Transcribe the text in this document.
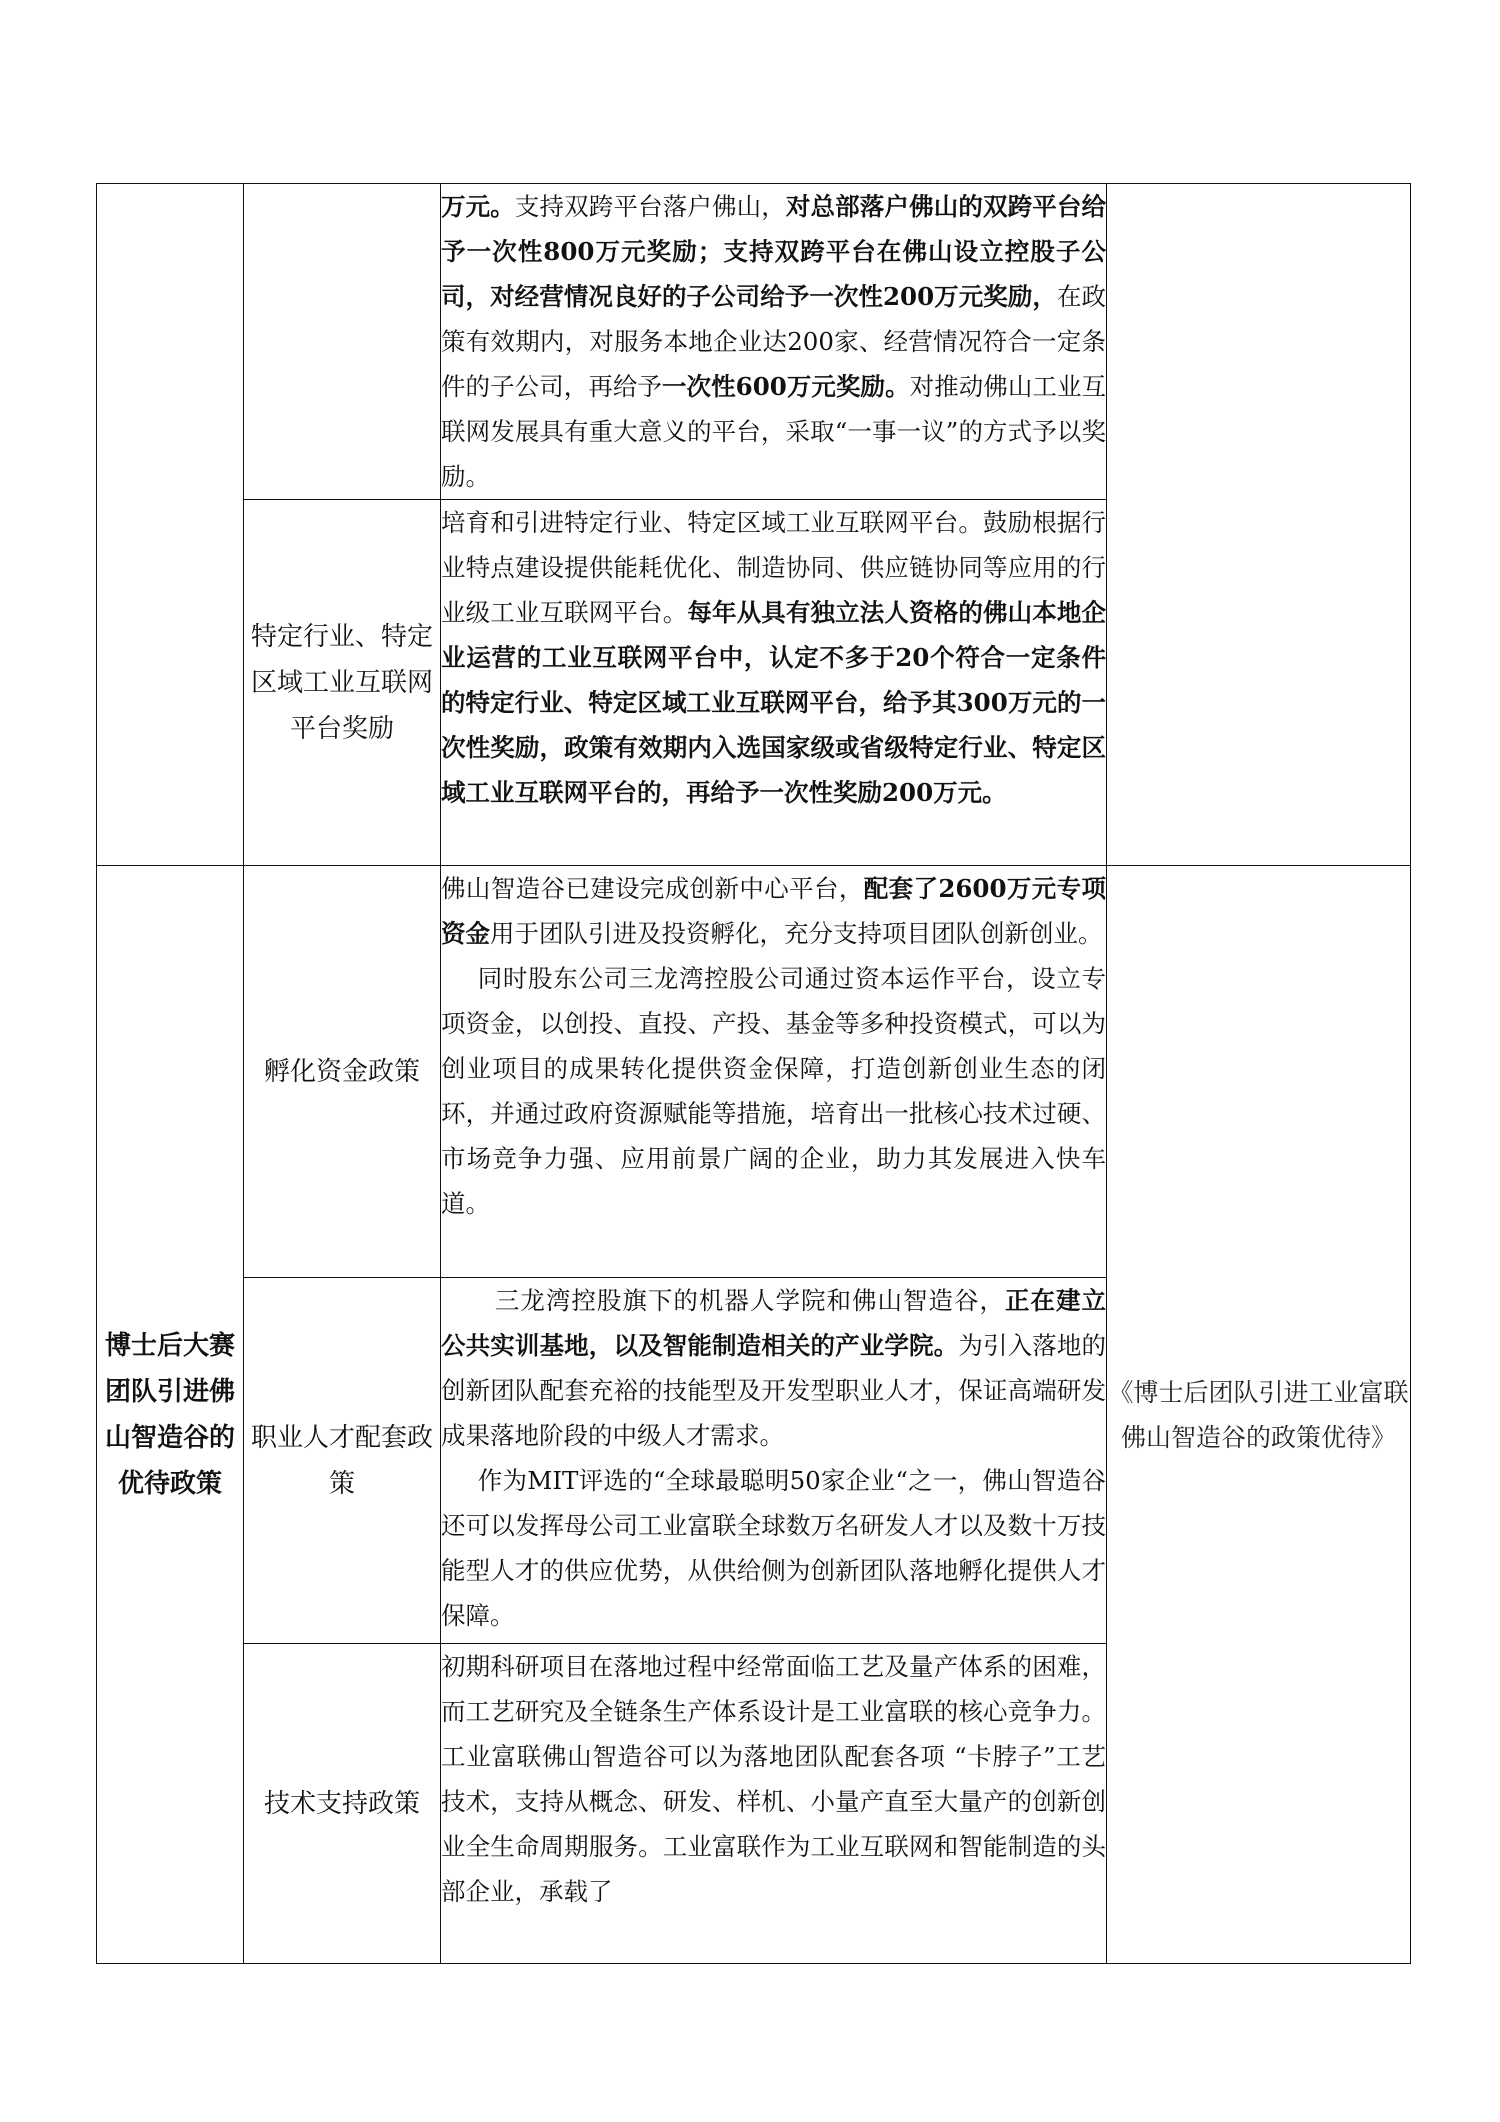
		万元。支持双跨平台落户佛山，对总部落户佛山的双跨平台给予一次性800万元奖励；支持双跨平台在佛山设立控股子公司，对经营情况良好的子公司给予一次性200万元奖励，在政策有效期内，对服务本地企业达200家、经营情况符合一定条件的子公司，再给予一次性600万元奖励。对推动佛山工业互联网发展具有重大意义的平台，采取“一事一议”的方式予以奖励。	

	特定行业、特定区域工业互联网平台奖励	培育和引进特定行业、特定区域工业互联网平台。鼓励根据行业特点建设提供能耗优化、制造协同、供应链协同等应用的行业级工业互联网平台。每年从具有独立法人资格的佛山本地企业运营的工业互联网平台中，认定不多于20个符合一定条件的特定行业、特定区域工业互联网平台，给予其300万元的一次性奖励，政策有效期内入选国家级或省级特定行业、特定区域工业互联网平台的，再给予一次性奖励200万元。	

博士后大赛团队引进佛山智造谷的优待政策	孵化资金政策	佛山智造谷已建设完成创新中心平台，配套了2600万元专项资金用于团队引进及投资孵化，充分支持项目团队创新创业。

同时股东公司三龙湾控股公司通过资本运作平台，设立专项资金，以创投、直投、产投、基金等多种投资模式，可以为创业项目的成果转化提供资金保障，打造创新创业生态的闭环，并通过政府资源赋能等措施，培育出一批核心技术过硬、市场竞争力强、应用前景广阔的企业，助力其发展进入快车道。	《博士后团队引进工业富联佛山智造谷的政策优待》
	职业人才配套政策	三龙湾控股旗下的机器人学院和佛山智造谷，正在建立公共实训基地，以及智能制造相关的产业学院。为引入落地的创新团队配套充裕的技能型及开发型职业人才，保证高端研发成果落地阶段的中级人才需求。

作为MIT评选的“全球最聪明50家企业“之一，佛山智造谷还可以发挥母公司工业富联全球数万名研发人才以及数十万技能型人才的供应优势，从供给侧为创新团队落地孵化提供人才保障。	

	技术支持政策	初期科研项目在落地过程中经常面临工艺及量产体系的困难，而工艺研究及全链条生产体系设计是工业富联的核心竞争力。工业富联佛山智造谷可以为落地团队配套各项 “卡脖子”工艺技术，支持从概念、研发、样机、小量产直至大量产的创新创业全生命周期服务。工业富联作为工业互联网和智能制造的头部企业，承载了	
